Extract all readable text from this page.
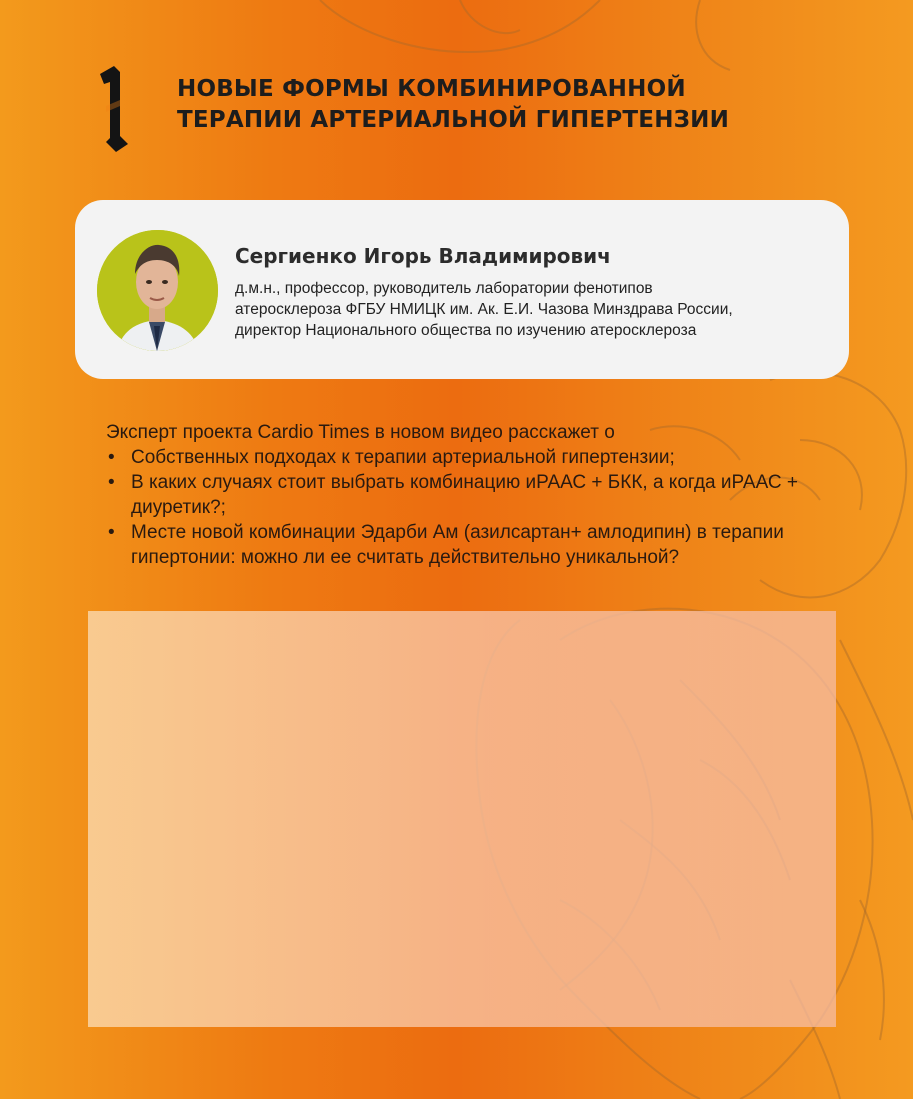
НОВЫЕ ФОРМЫ КОМБИНИРОВАННОЙ
ТЕРАПИИ АРТЕРИАЛЬНОЙ ГИПЕРТЕНЗИИ
Сергиенко Игорь Владимирович
д.м.н., профессор, руководитель лаборатории фенотипов
атеросклероза ФГБУ НМИЦК им. Ак. Е.И. Чазова Минздрава России,
директор Национального общества по изучению атеросклероза
Эксперт проекта Cardio Times в новом видео расскажет о
• Собственных подходах к терапии артериальной гипертензии;
• В каких случаях стоит выбрать комбинацию иРААС + БКК, а когда иРААС + диуретик?;
• Месте новой комбинации Эдарби Ам (азилсартан+ амлодипин) в терапии гипертонии: можно ли ее считать действительно уникальной?
